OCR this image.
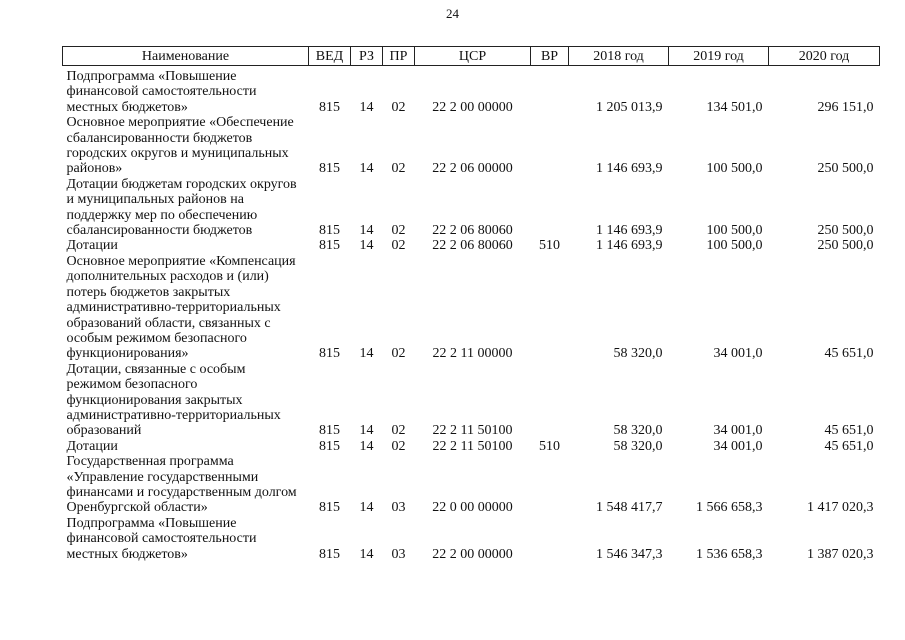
24
Наименование	ВЕД	РЗ	ПР	ЦСР	ВР	2018 год	2019 год	2020 год
Подпрограмма «Повышение финансовой самостоятельности местных бюджетов»	815	14	02	22 2 00 00000		1 205 013,9	134 501,0	296 151,0
Основное мероприятие «Обеспечение сбалансированности бюджетов городских округов и муниципальных районов»	815	14	02	22 2 06 00000		1 146 693,9	100 500,0	250 500,0
Дотации бюджетам городских округов и муниципальных районов на поддержку мер по обеспечению сбалансированности бюджетов	815	14	02	22 2 06 80060		1 146 693,9	100 500,0	250 500,0
Дотации	815	14	02	22 2 06 80060	510	1 146 693,9	100 500,0	250 500,0
Основное мероприятие «Компенсация дополнительных расходов и (или) потерь бюджетов закрытых административно-территориальных образований области, связанных с особым режимом безопасного функционирования»	815	14	02	22 2 11 00000		58 320,0	34 001,0	45 651,0
Дотации, связанные с особым режимом безопасного функционирования закрытых административно-территориальных образований	815	14	02	22 2 11 50100		58 320,0	34 001,0	45 651,0
Дотации	815	14	02	22 2 11 50100	510	58 320,0	34 001,0	45 651,0
Государственная программа «Управление государственными финансами и государственным долгом Оренбургской области»	815	14	03	22 0 00 00000		1 548 417,7	1 566 658,3	1 417 020,3
Подпрограмма «Повышение финансовой самостоятельности местных бюджетов»	815	14	03	22 2 00 00000		1 546 347,3	1 536 658,3	1 387 020,3
